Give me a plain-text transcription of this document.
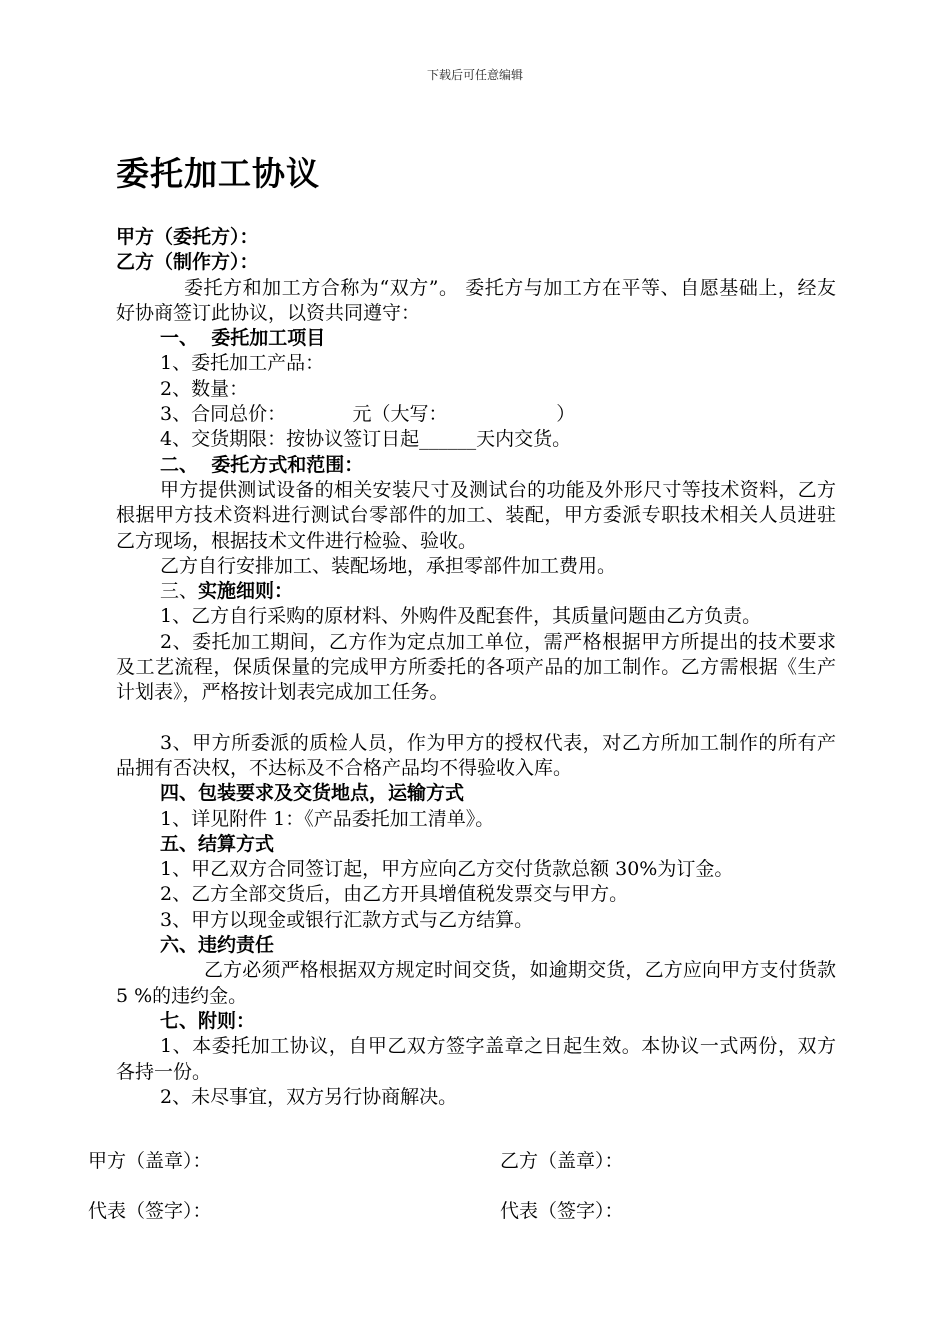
下载后可任意编辑
委托加工协议
甲方（委托方）：
乙方（制作方）：
委托方和加工方合称为“双方”。 委托方与加工方在平等、自愿基础上，经友好协商签订此协议，以资共同遵守：
一、  委托加工项目
1、委托加工产品：
2、数量：
3、合同总价：           元（大写：                  ）
4、交货期限：按协议签订日起______天内交货。
二、  委托方式和范围：
甲方提供测试设备的相关安装尺寸及测试台的功能及外形尺寸等技术资料，乙方根据甲方技术资料进行测试台零部件的加工、装配，甲方委派专职技术相关人员进驻乙方现场，根据技术文件进行检验、验收。
乙方自行安排加工、装配场地，承担零部件加工费用。
三、实施细则：
1、乙方自行采购的原材料、外购件及配套件，其质量问题由乙方负责。
2、委托加工期间，乙方作为定点加工单位，需严格根据甲方所提出的技术要求及工艺流程，保质保量的完成甲方所委托的各项产品的加工制作。乙方需根据《生产计划表》，严格按计划表完成加工任务。
3、甲方所委派的质检人员，作为甲方的授权代表，对乙方所加工制作的所有产品拥有否决权，不达标及不合格产品均不得验收入库。
四、包装要求及交货地点，运输方式
1、详见附件 1：《产品委托加工清单》。
五、结算方式
1、甲乙双方合同签订起，甲方应向乙方交付货款总额 30%为订金。
2、乙方全部交货后，由乙方开具增值税发票交与甲方。
3、甲方以现金或银行汇款方式与乙方结算。
六、违约责任
乙方必须严格根据双方规定时间交货，如逾期交货，乙方应向甲方支付货款 5 %的违约金。
七、附则：
1、本委托加工协议，自甲乙双方签字盖章之日起生效。本协议一式两份，双方各持一份。
2、未尽事宜，双方另行协商解决。
甲方（盖章）：	乙方（盖章）：
代表（签字）：	代表（签字）：
